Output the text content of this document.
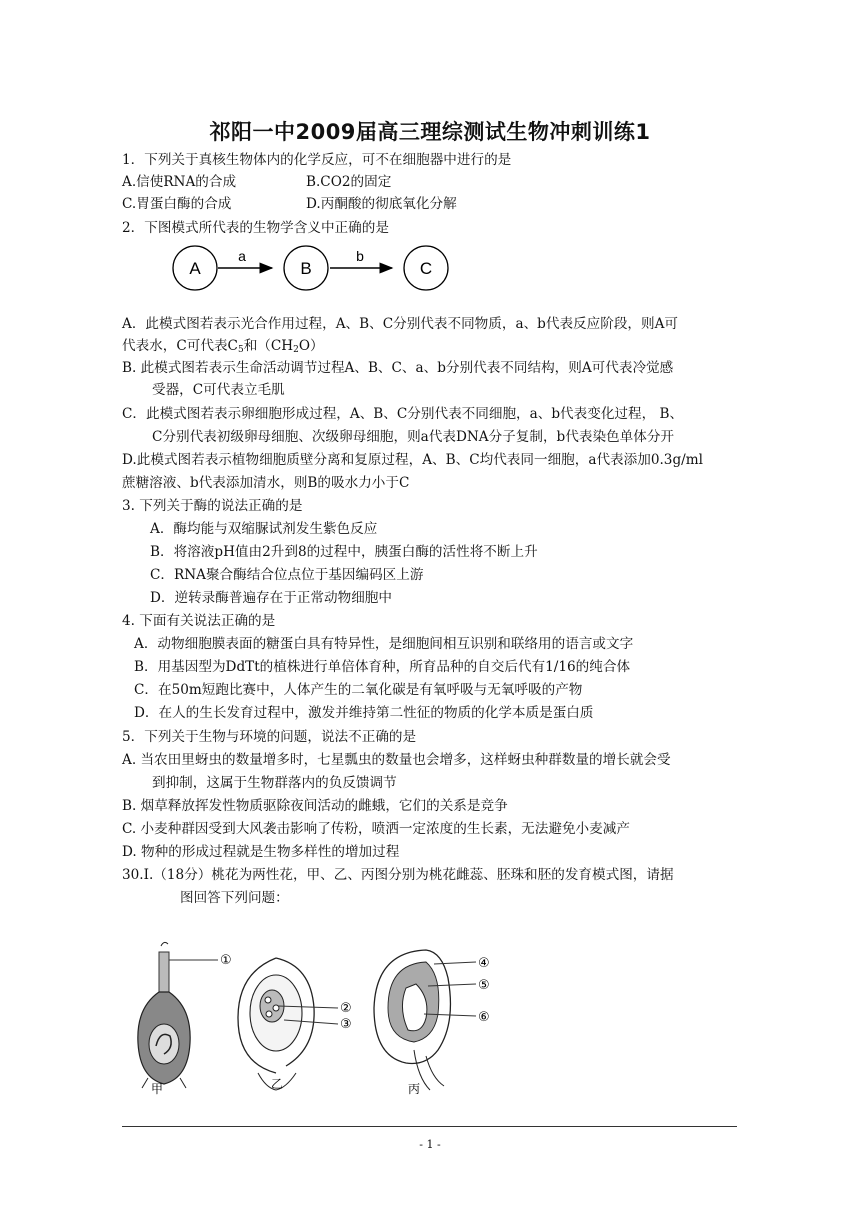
祁阳一中2009届高三理综测试生物冲刺训练1
1．下列关于真核生物体内的化学反应，可不在细胞器中进行的是
A.信使RNA的合成	B.CO2的固定
C.胃蛋白酶的合成	D.丙酮酸的彻底氧化分解
2．下图模式所代表的生物学含义中正确的是
A
a
B
b
C
A．此模式图若表示光合作用过程，A、B、C分别代表不同物质，a、b代表反应阶段，则A可
代表水，C可代表$C_5$和$(CH_2O)$
B. 此模式图若表示生命活动调节过程A、B、C、a、b分别代表不同结构，则A可代表冷觉感
受器，C可代表立毛肌
C．此模式图若表示卵细胞形成过程，A、B、C分别代表不同细胞，a、b代表变化过程， B、
C分别代表初级卵母细胞、次级卵母细胞，则a代表DNA分子复制，b代表染色单体分开
D.此模式图若表示植物细胞质壁分离和复原过程，A、B、C均代表同一细胞，a代表添加0.3g/ml
蔗糖溶液、b代表添加清水，则B的吸水力小于C
3. 下列关于酶的说法正确的是
A．酶均能与双缩脲试剂发生紫色反应
B．将溶液pH值由2升到8的过程中，胰蛋白酶的活性将不断上升
C．RNA聚合酶结合位点位于基因编码区上游
D．逆转录酶普遍存在于正常动物细胞中
4. 下面有关说法正确的是
A．动物细胞膜表面的糖蛋白具有特异性，是细胞间相互识别和联络用的语言或文字
B．用基因型为DdTt的植株进行单倍体育种，所育品种的自交后代有1/16的纯合体
C．在50m短跑比赛中，人体产生的二氧化碳是有氧呼吸与无氧呼吸的产物
D．在人的生长发育过程中，激发并维持第二性征的物质的化学本质是蛋白质
5．下列关于生物与环境的问题，说法不正确的是
A. 当农田里蚜虫的数量增多时，七星瓢虫的数量也会增多，这样蚜虫种群数量的增长就会受
到抑制，这属于生物群落内的负反馈调节
B. 烟草释放挥发性物质驱除夜间活动的雌蛾，它们的关系是竞争
C. 小麦种群因受到大风袭击影响了传粉，喷洒一定浓度的生长素，无法避免小麦减产
D. 物种的形成过程就是生物多样性的增加过程
30.I.（18分）桃花为两性花，甲、乙、丙图分别为桃花雌蕊、胚珠和胚的发育模式图，请据
图回答下列问题：
甲	乙	丙
①
②
③
④
⑤
⑥
- 1 -
